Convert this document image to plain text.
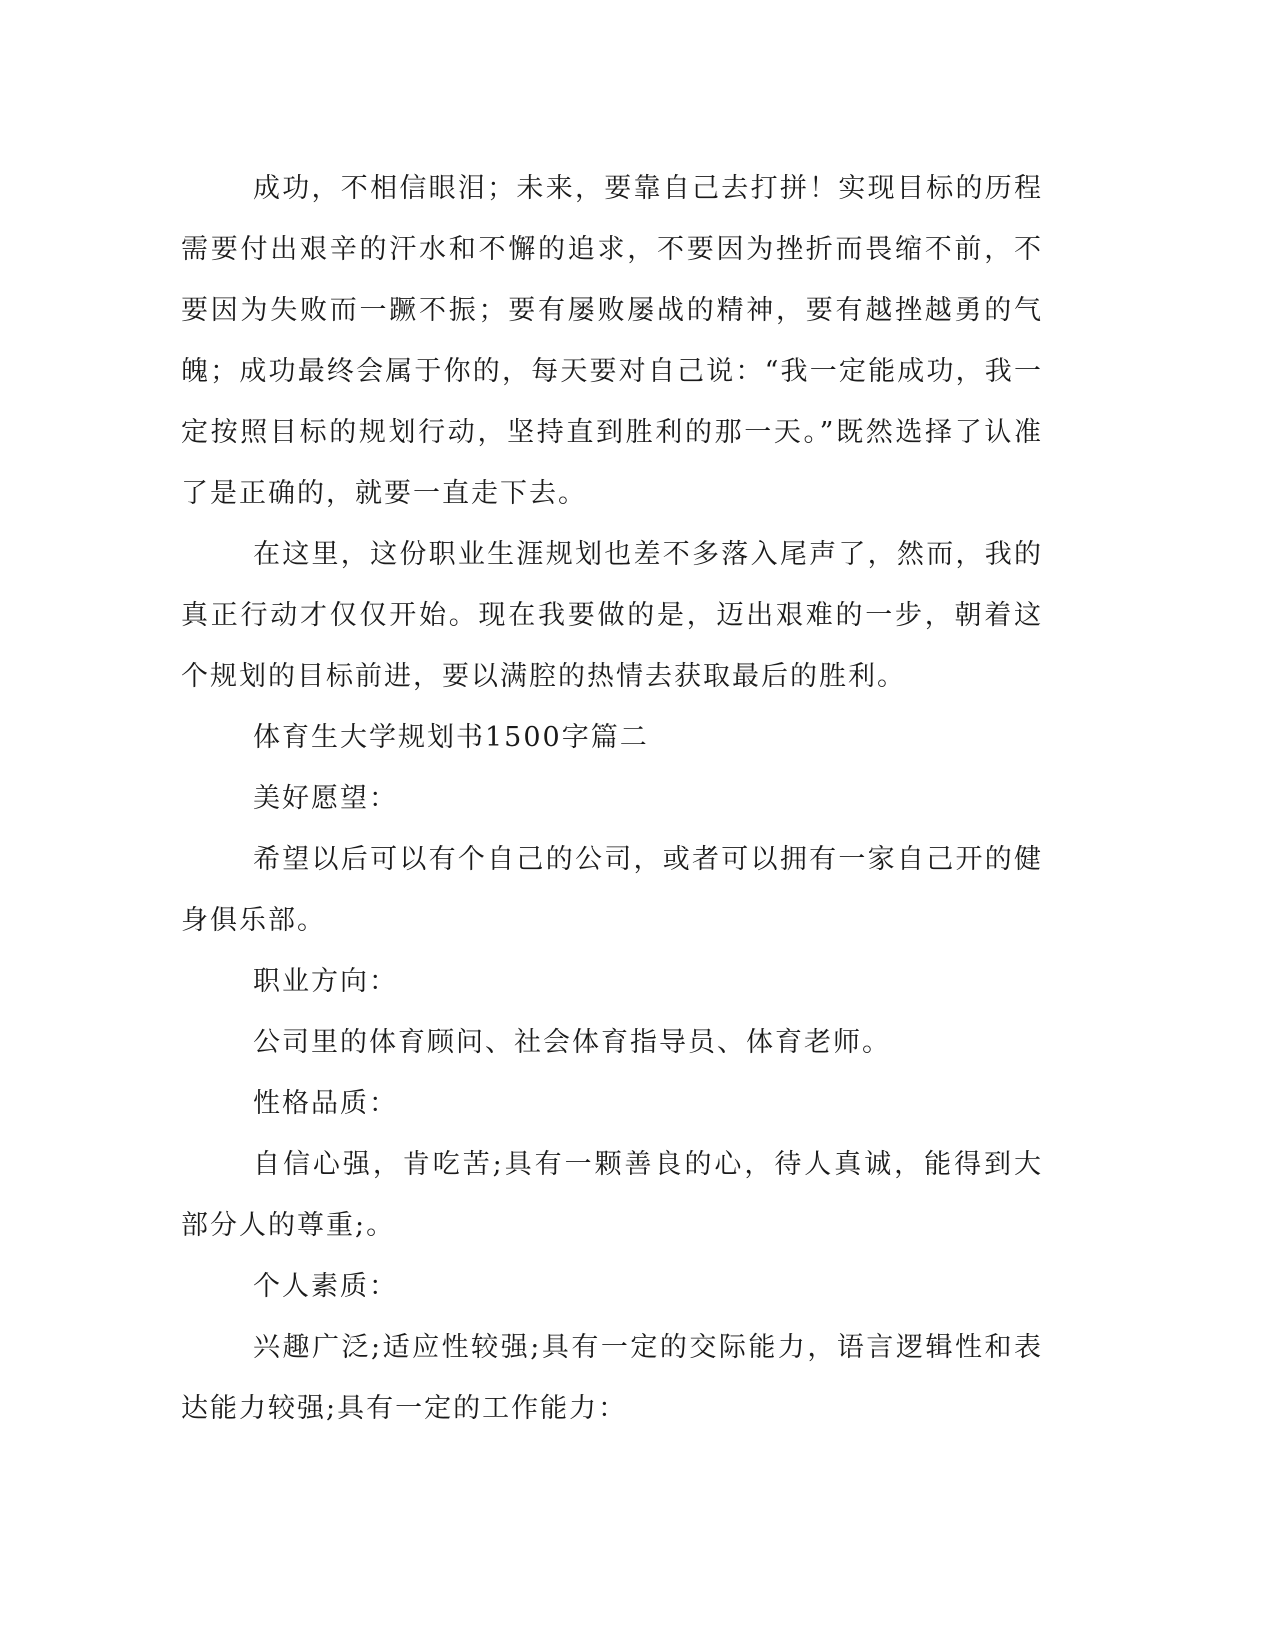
成功，不相信眼泪；未来，要靠自己去打拼！实现目标的历程需要付出艰辛的汗水和不懈的追求，不要因为挫折而畏缩不前，不要因为失败而一蹶不振；要有屡败屡战的精神，要有越挫越勇的气魄；成功最终会属于你的，每天要对自己说：“我一定能成功，我一定按照目标的规划行动，坚持直到胜利的那一天。”既然选择了认准了是正确的，就要一直走下去。

在这里，这份职业生涯规划也差不多落入尾声了，然而，我的真正行动才仅仅开始。现在我要做的是，迈出艰难的一步，朝着这个规划的目标前进，要以满腔的热情去获取最后的胜利。

体育生大学规划书1500字篇二

美好愿望：

希望以后可以有个自己的公司，或者可以拥有一家自己开的健身俱乐部。

职业方向：

公司里的体育顾问、社会体育指导员、体育老师。

性格品质：

自信心强，肯吃苦;具有一颗善良的心，待人真诚，能得到大部分人的尊重;。

个人素质：

兴趣广泛;适应性较强;具有一定的交际能力，语言逻辑性和表达能力较强;具有一定的工作能力：
